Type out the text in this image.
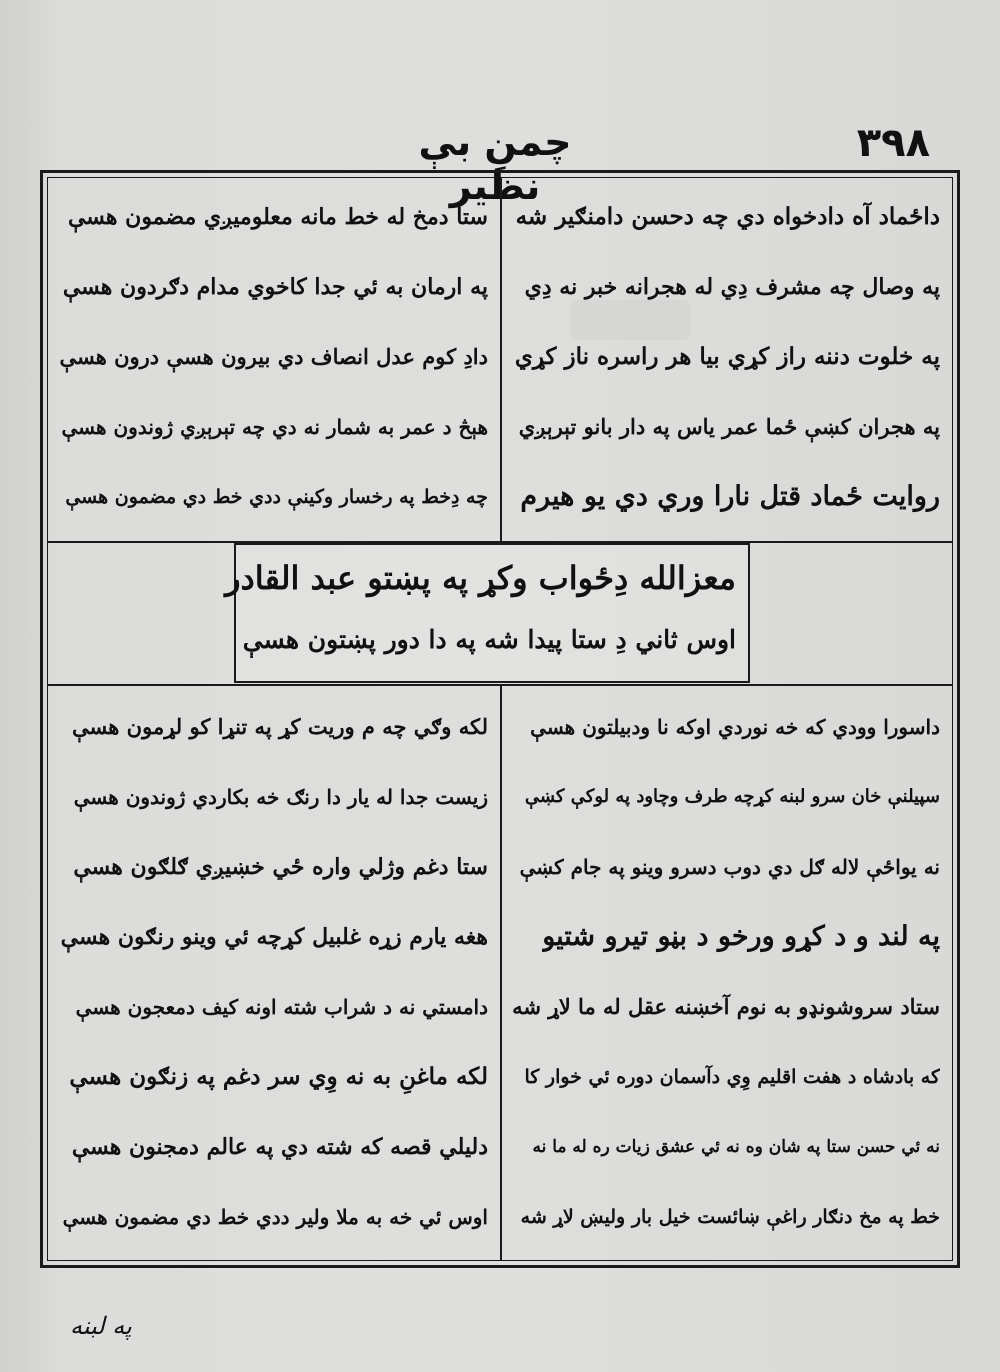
۳۹۸
چمنِ بې نظیر
داځماد آه دادخواه دي چه دحسن دامنګیر شه
په وصال چه مشرف دِي له هجرانه خبر نه دِي
په خلوت دننه راز کړي بيا هر راسره ناز کړي
په هجران کښې ځما عمر یاس په دار بانو تېرېږي
روایت ځماد قتل نارا وري دي یو هیرم
ستا دمخ له خط مانه معلومیږي مضمون هسې
په ارمان به ئي جدا کاخوي مدام دګردون هسې
دادِ کوم عدل انصاف دي بیرون هسې درون هسې
هېڅ د عمر به شمار نه دي چه تېرېږي ژوندون هسې
چه دِخط په رخسار وکینې ددي خط دي مضمون هسې
معزالله دِځواب وکړ په پښتو عبد القادر
اوس ثاني دِ ستا پيدا شه په دا دور پښتون هسې
داسورا وودي که خه نوردي اوکه نا ودبیلتون هسې
سپیلنې خان سرو لبنه کړچه طرف وچاود په لوکې کښې
نه یواځې لاله ګل دي دوب دسرو وینو په جام کښې
په لند و د کړو ورخو د بڼو تیرو شتیو
ستاد سروشونډو به نوم آخښنه عقل له ما لاړ شه
که بادشاه د هفت اقلیم وِي دآسمان دوره ئي خوار کا
نه ئي حسن ستا په شان وه نه ئي عشق زیات ره له ما نه
خط په مخ دنګار راغې ښائست خیل بار ولیښ لاړ شه
لکه وګي چه م وریت کړ په تنړا کو لړمون هسې
زیست جدا له یار دا رنګ خه بکاردي ژوندون هسې
ستا دغم وژلي واره ځي خښیږي ګلګون هسې
هغه یارم زړه غلبیل کړچه ئي وینو رنګون هسې
دامستي نه د شراب شته اونه کیف دمعجون هسې
لکه ماغنِ به نه وِي سر دغم په زنګون هسې
دلیلي قصه که شته دي په عالم دمجنون هسې
اوس ئي خه به ملا ولیر ددي خط دي مضمون هسې
په لبنه
